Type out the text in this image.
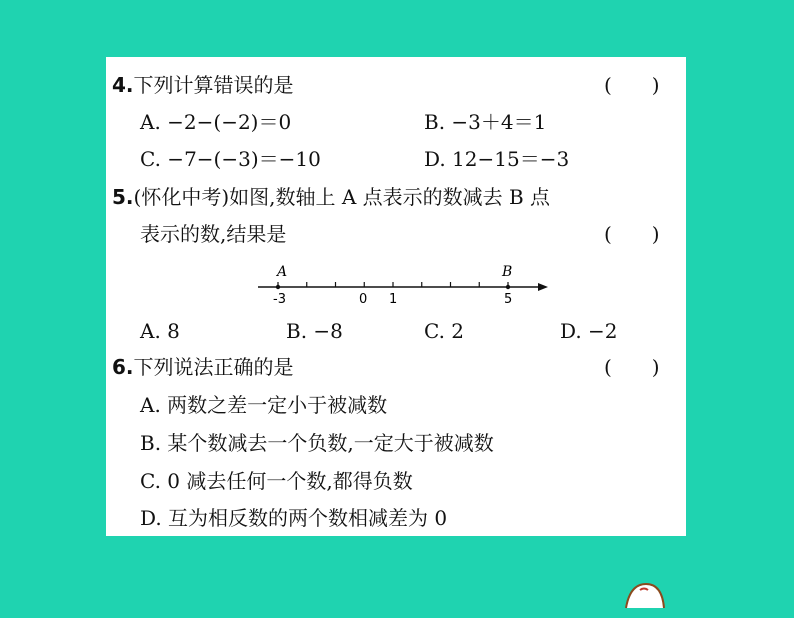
4.下列计算错误的是	(　　)
A. −2−(−2)＝0	B. −3＋4＝1
C. −7−(−3)＝−10	D. 12−15＝−3
5.(怀化中考)如图,数轴上 A 点表示的数减去 B 点
表示的数,结果是	(　　)
A	B
-3	0 1	5
A. 8	B. −8	C. 2	D. −2
6.下列说法正确的是	(　　)
A. 两数之差一定小于被减数
B. 某个数减去一个负数,一定大于被减数
C. 0 减去任何一个数,都得负数
D. 互为相反数的两个数相减差为 0
